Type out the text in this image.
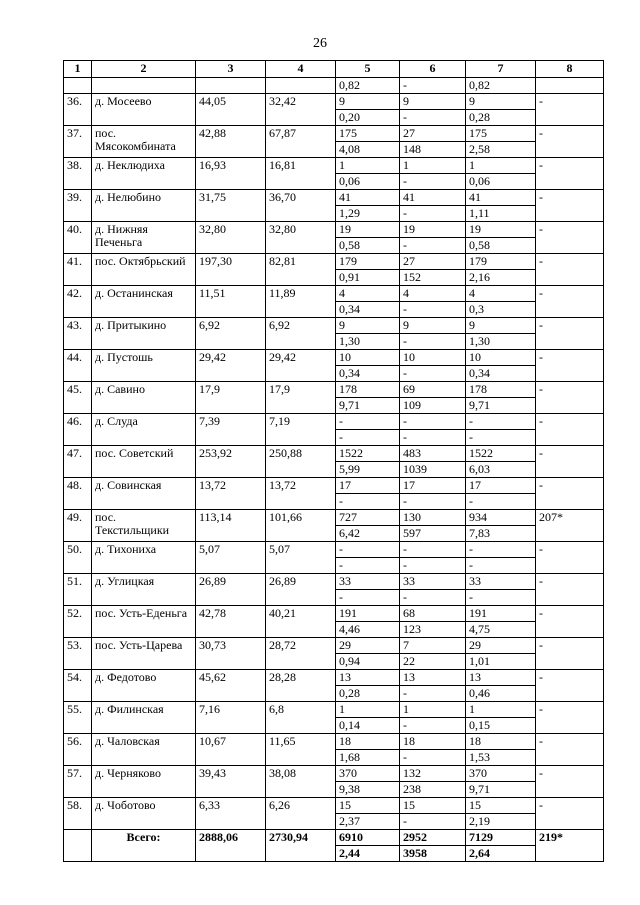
26
1	2	3	4	5	6	7	8
				0,82	-	0,82	
36.	д. Мосеево	44,05	32,42	9	9	9	-
				0,20	-	0,28	
37.	пос. Мясокомбината	42,88	67,87	175	27	175	-
				4,08	148	2,58	
38.	д. Неклюдиха	16,93	16,81	1	1	1	-
				0,06	-	0,06	
39.	д. Нелюбино	31,75	36,70	41	41	41	-
				1,29	-	1,11	
40.	д. Нижняя Печеньга	32,80	32,80	19	19	19	-
				0,58	-	0,58	
41.	пос. Октябрьский	197,30	82,81	179	27	179	-
				0,91	152	2,16	
42.	д. Останинская	11,51	11,89	4	4	4	-
				0,34	-	0,3	
43.	д. Притыкино	6,92	6,92	9	9	9	-
				1,30	-	1,30	
44.	д. Пустошь	29,42	29,42	10	10	10	-
				0,34	-	0,34	
45.	д. Савино	17,9	17,9	178	69	178	-
				9,71	109	9,71	
46.	д. Слуда	7,39	7,19	-	-	-	-
				-	-	-	
47.	пос. Советский	253,92	250,88	1522	483	1522	-
				5,99	1039	6,03	
48.	д. Совинская	13,72	13,72	17	17	17	-
				-	-	-	
49.	пос. Текстильщики	113,14	101,66	727	130	934	207*
				6,42	597	7,83	
50.	д. Тихониха	5,07	5,07	-	-	-	-
				-	-	-	
51.	д. Углицкая	26,89	26,89	33	33	33	-
				-	-	-	
52.	пос. Усть-Еденьга	42,78	40,21	191	68	191	-
				4,46	123	4,75	
53.	пос. Усть-Царева	30,73	28,72	29	7	29	-
				0,94	22	1,01	
54.	д. Федотово	45,62	28,28	13	13	13	-
				0,28	-	0,46	
55.	д. Филинская	7,16	6,8	1	1	1	-
				0,14	-	0,15	
56.	д. Чаловская	10,67	11,65	18	18	18	-
				1,68	-	1,53	
57.	д. Черняково	39,43	38,08	370	132	370	-
				9,38	238	9,71	
58.	д. Чоботово	6,33	6,26	15	15	15	-
				2,37	-	2,19	
	Всего:	2888,06	2730,94	6910	2952	7129	219*
				2,44	3958	2,64	
